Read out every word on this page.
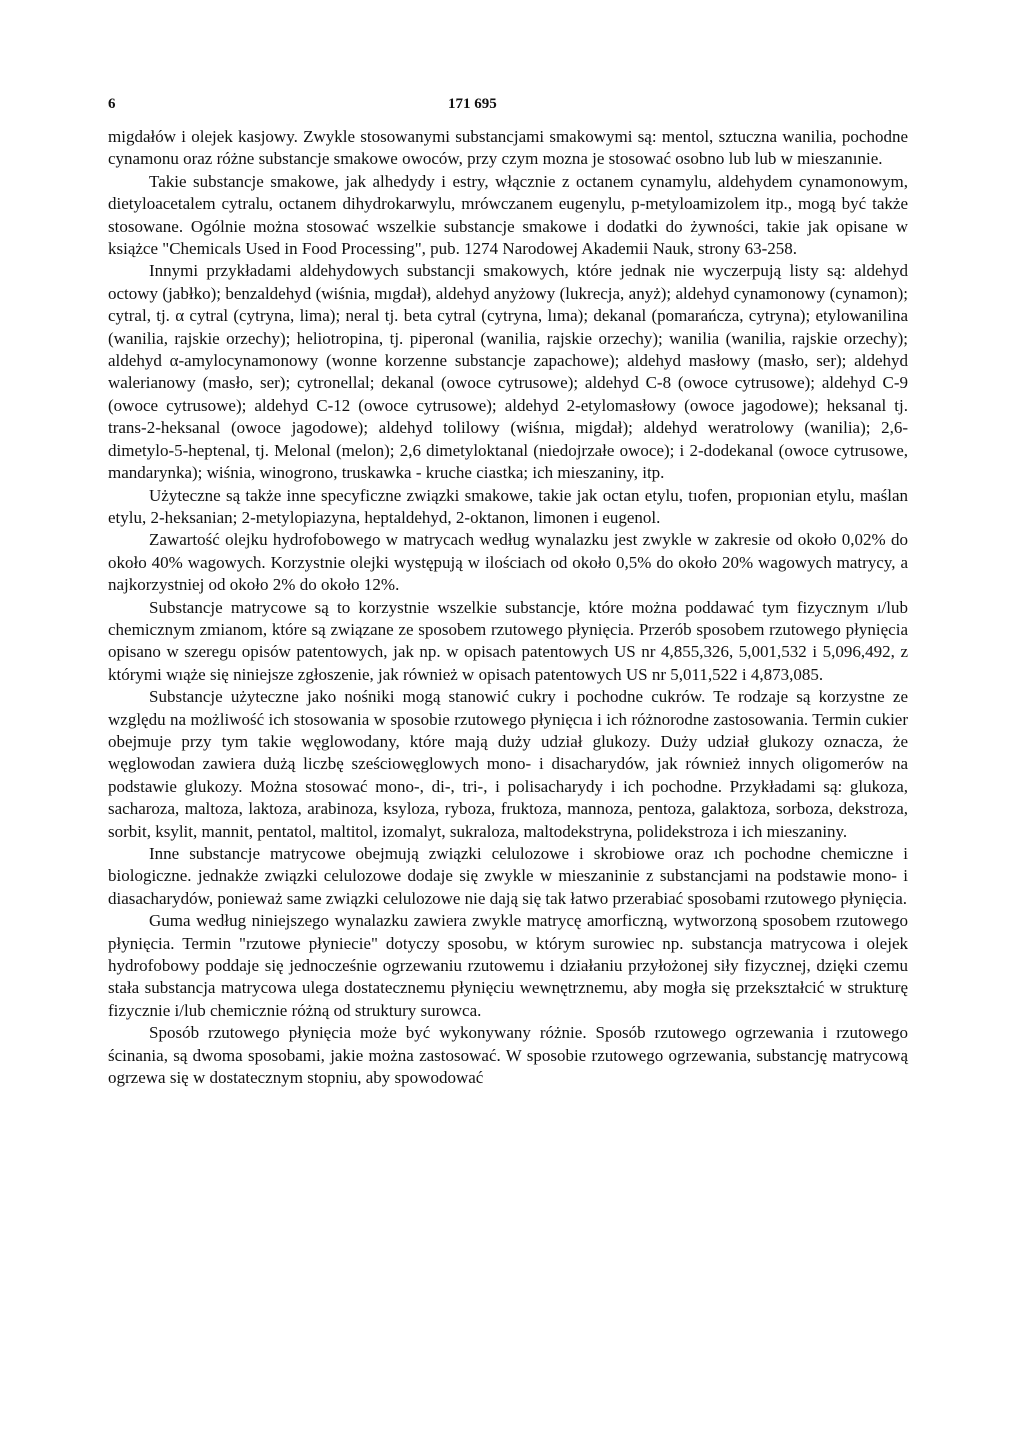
6	171 695

migdałów i olejek kasjowy. Zwykle stosowanymi substancjami smakowymi są: mentol, sztuczna wanilia, pochodne cynamonu oraz różne substancje smakowe owoców, przy czym mozna je stosować osobno lub lub w mieszanınie.

Takie substancje smakowe, jak alhedydy i estry, włącznie z octanem cynamylu, aldehydem cynamonowym, dietyloacetalem cytralu, octanem dihydrokarwylu, mrówczanem eugenylu, p-metyloamizolem itp., mogą być także stosowane. Ogólnie można stosować wszelkie substancje smakowe i dodatki do żywności, takie jak opisane w książce "Chemicals Used in Food Processing", pub. 1274 Narodowej Akademii Nauk, strony 63-258.

Innymi przykładami aldehydowych substancji smakowych, które jednak nie wyczerpują listy są: aldehyd octowy (jabłko); benzaldehyd (wiśnia, mıgdał), aldehyd anyżowy (lukrecja, anyż); aldehyd cynamonowy (cynamon); cytral, tj. α cytral (cytryna, lima); neral tj. beta cytral (cytryna, lıma); dekanal (pomarańcza, cytryna); etylowanilina (wanilia, rajskie orzechy); heliotropina, tj. piperonal (wanilia, rajskie orzechy); wanilia (wanilia, rajskie orzechy); aldehyd α-amylocynamonowy (wonne korzenne substancje zapachowe); aldehyd masłowy (masło, ser); aldehyd walerianowy (masło, ser); cytronellal; dekanal (owoce cytrusowe); aldehyd C-8 (owoce cytrusowe); aldehyd C-9 (owoce cytrusowe); aldehyd C-12 (owoce cytrusowe); aldehyd 2-etylomasłowy (owoce jagodowe); heksanal tj. trans-2-heksanal (owoce jagodowe); aldehyd tolilowy (wiśnıa, migdał); aldehyd weratrolowy (wanilia); 2,6-dimetylo-5-heptenal, tj. Melonal (melon); 2,6 dimetyloktanal (niedojrzałe owoce); i 2-dodekanal (owoce cytrusowe, mandarynka); wiśnia, winogrono, truskawka - kruche ciastka; ich mieszaniny, itp.

Użyteczne są także inne specyficzne związki smakowe, takie jak octan etylu, tıofen, propıonian etylu, maślan etylu, 2-heksanian; 2-metylopiazyna, heptaldehyd, 2-oktanon, limonen i eugenol.

Zawartość olejku hydrofobowego w matrycach według wynalazku jest zwykle w zakresie od około 0,02% do około 40% wagowych. Korzystnie olejki występują w ilościach od około 0,5% do około 20% wagowych matrycy, a najkorzystniej od około 2% do około 12%.

Substancje matrycowe są to korzystnie wszelkie substancje, które można poddawać tym fizycznym ı/lub chemicznym zmianom, które są związane ze sposobem rzutowego płynięcia. Przerób sposobem rzutowego płynięcia opisano w szeregu opisów patentowych, jak np. w opisach patentowych US nr 4,855,326, 5,001,532 i 5,096,492, z którymi wıąże się niniejsze zgłoszenie, jak również w opisach patentowych US nr 5,011,522 i 4,873,085.

Substancje użyteczne jako nośniki mogą stanowić cukry i pochodne cukrów. Te rodzaje są korzystne ze względu na możliwość ich stosowania w sposobie rzutowego płynięcıa i ich różnorodne zastosowania. Termin cukier obejmuje przy tym takie węglowodany, które mają duży udział glukozy. Duży udział glukozy oznacza, że węglowodan zawiera dużą liczbę sześciowęglowych mono- i disacharydów, jak również innych oligomerów na podstawie glukozy. Można stosować mono-, di-, tri-, i polisacharydy i ich pochodne. Przykładami są: glukoza, sacharoza, maltoza, laktoza, arabinoza, ksyloza, ryboza, fruktoza, mannoza, pentoza, galaktoza, sorboza, dekstroza, sorbit, ksylit, mannit, pentatol, maltitol, izomalyt, sukraloza, maltodekstryna, polidekstroza i ich mieszaniny.

Inne substancje matrycowe obejmują związki celulozowe i skrobiowe oraz ıch pochodne chemiczne i biologiczne. jednakże związki celulozowe dodaje się zwykle w mieszaninie z substancjami na podstawie mono- i diasacharydów, ponieważ same związki celulozowe nie dają się tak łatwo przerabiać sposobami rzutowego płynięcia.

Guma według niniejszego wynalazku zawiera zwykle matrycę amorficzną, wytworzoną sposobem rzutowego płynięcia. Termin "rzutowe płyniecie" dotyczy sposobu, w którym surowiec np. substancja matrycowa i olejek hydrofobowy poddaje się jednocześnie ogrzewaniu rzutowemu i działaniu przyłożonej siły fizycznej, dzięki czemu stała substancja matrycowa ulega dostatecznemu płynięciu wewnętrznemu, aby mogła się przekształcić w strukturę fizycznie i/lub chemicznie różną od struktury surowca.

Sposób rzutowego płynięcia może być wykonywany różnie. Sposób rzutowego ogrzewania i rzutowego ścinania, są dwoma sposobami, jakie można zastosować. W sposobie rzutowego ogrzewania, substancję matrycową ogrzewa się w dostatecznym stopniu, aby spowodować
